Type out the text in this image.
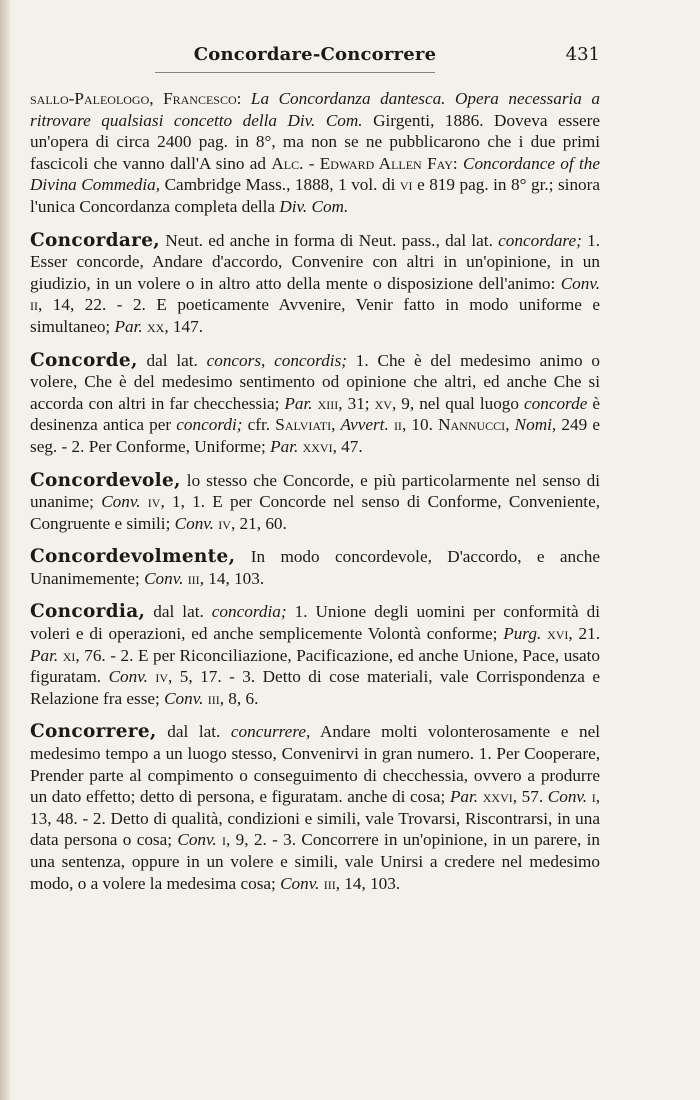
Concordare-Concorrere	431

sallo-Paleologo, Francesco: La Concordanza dantesca. Opera necessaria a ritrovare qualsiasi concetto della Div. Com. Girgenti, 1886. Doveva essere un'opera di circa 2400 pag. in 8°, ma non se ne pubblicarono che i due primi fascicoli che vanno dall'A sino ad Alc. - Edward Allen Fay: Concordance of the Divina Commedia, Cambridge Mass., 1888, 1 vol. di vi e 819 pag. in 8° gr.; sinora l'unica Concordanza completa della Div. Com.

Concordare, Neut. ed anche in forma di Neut. pass., dal lat. concordare; 1. Esser concorde, Andare d'accordo, Convenire con altri in un'opinione, in un giudizio, in un volere o in altro atto della mente o disposizione dell'animo: Conv. ii, 14, 22. - 2. E poeticamente Avvenire, Venir fatto in modo uniforme e simultaneo; Par. xx, 147.

Concorde, dal lat. concors, concordis; 1. Che è del medesimo animo o volere, Che è del medesimo sentimento od opinione che altri, ed anche Che si accorda con altri in far checchessia; Par. xiii, 31; xv, 9, nel qual luogo concorde è desinenza antica per concordi; cfr. Salviati, Avvert. ii, 10. Nannucci, Nomi, 249 e seg. - 2. Per Conforme, Uniforme; Par. xxvi, 47.

Concordevole, lo stesso che Concorde, e più particolarmente nel senso di unanime; Conv. iv, 1, 1. E per Concorde nel senso di Conforme, Conveniente, Congruente e simili; Conv. iv, 21, 60.

Concordevolmente, In modo concordevole, D'accordo, e anche Unanimemente; Conv. iii, 14, 103.

Concordia, dal lat. concordia; 1. Unione degli uomini per conformità di voleri e di operazioni, ed anche semplicemente Volontà conforme; Purg. xvi, 21. Par. xi, 76. - 2. E per Riconciliazione, Pacificazione, ed anche Unione, Pace, usato figuratam. Conv. iv, 5, 17. - 3. Detto di cose materiali, vale Corrispondenza e Relazione fra esse; Conv. iii, 8, 6.

Concorrere, dal lat. concurrere, Andare molti volonterosamente e nel medesimo tempo a un luogo stesso, Convenirvi in gran numero. 1. Per Cooperare, Prender parte al compimento o conseguimento di checchessia, ovvero a produrre un dato effetto; detto di persona, e figuratam. anche di cosa; Par. xxvi, 57. Conv. i, 13, 48. - 2. Detto di qualità, condizioni e simili, vale Trovarsi, Riscontrarsi, in una data persona o cosa; Conv. i, 9, 2. - 3. Concorrere in un'opinione, in un parere, in una sentenza, oppure in un volere e simili, vale Unirsi a credere nel medesimo modo, o a volere la medesima cosa; Conv. iii, 14, 103.
